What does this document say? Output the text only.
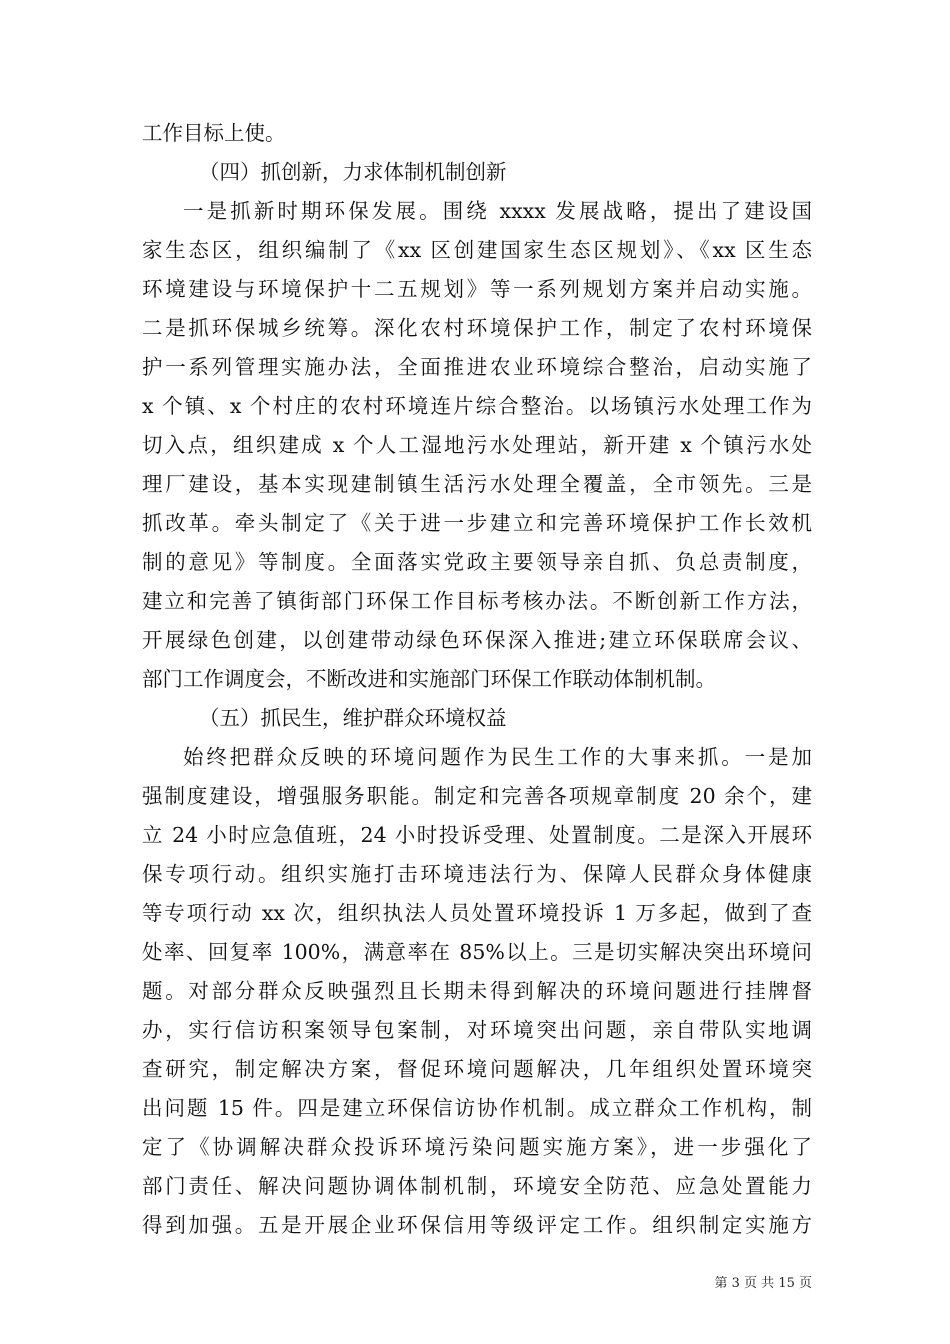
工作目标上使。
（四）抓创新，力求体制机制创新
一是抓新时期环保发展。围绕 xxxx 发展战略，提出了建设国
家生态区，组织编制了《xx 区创建国家生态区规划》、《xx 区生态
环境建设与环境保护十二五规划》等一系列规划方案并启动实施。
二是抓环保城乡统筹。深化农村环境保护工作，制定了农村环境保
护一系列管理实施办法，全面推进农业环境综合整治，启动实施了
x 个镇、x 个村庄的农村环境连片综合整治。以场镇污水处理工作为
切入点，组织建成 x 个人工湿地污水处理站，新开建 x 个镇污水处
理厂建设，基本实现建制镇生活污水处理全覆盖，全市领先。三是
抓改革。牵头制定了《关于进一步建立和完善环境保护工作长效机
制的意见》等制度。全面落实党政主要领导亲自抓、负总责制度，
建立和完善了镇街部门环保工作目标考核办法。不断创新工作方法，
开展绿色创建，以创建带动绿色环保深入推进;建立环保联席会议、
部门工作调度会，不断改进和实施部门环保工作联动体制机制。
（五）抓民生，维护群众环境权益
始终把群众反映的环境问题作为民生工作的大事来抓。一是加
强制度建设，增强服务职能。制定和完善各项规章制度 20 余个，建
立 24 小时应急值班，24 小时投诉受理、处置制度。二是深入开展环
保专项行动。组织实施打击环境违法行为、保障人民群众身体健康
等专项行动 xx 次，组织执法人员处置环境投诉 1 万多起，做到了查
处率、回复率 100%，满意率在 85%以上。三是切实解决突出环境问
题。对部分群众反映强烈且长期未得到解决的环境问题进行挂牌督
办，实行信访积案领导包案制，对环境突出问题，亲自带队实地调
查研究，制定解决方案，督促环境问题解决，几年组织处置环境突
出问题 15 件。四是建立环保信访协作机制。成立群众工作机构，制
定了《协调解决群众投诉环境污染问题实施方案》，进一步强化了
部门责任、解决问题协调体制机制，环境安全防范、应急处置能力
得到加强。五是开展企业环保信用等级评定工作。组织制定实施方
第 3 页 共 15 页
